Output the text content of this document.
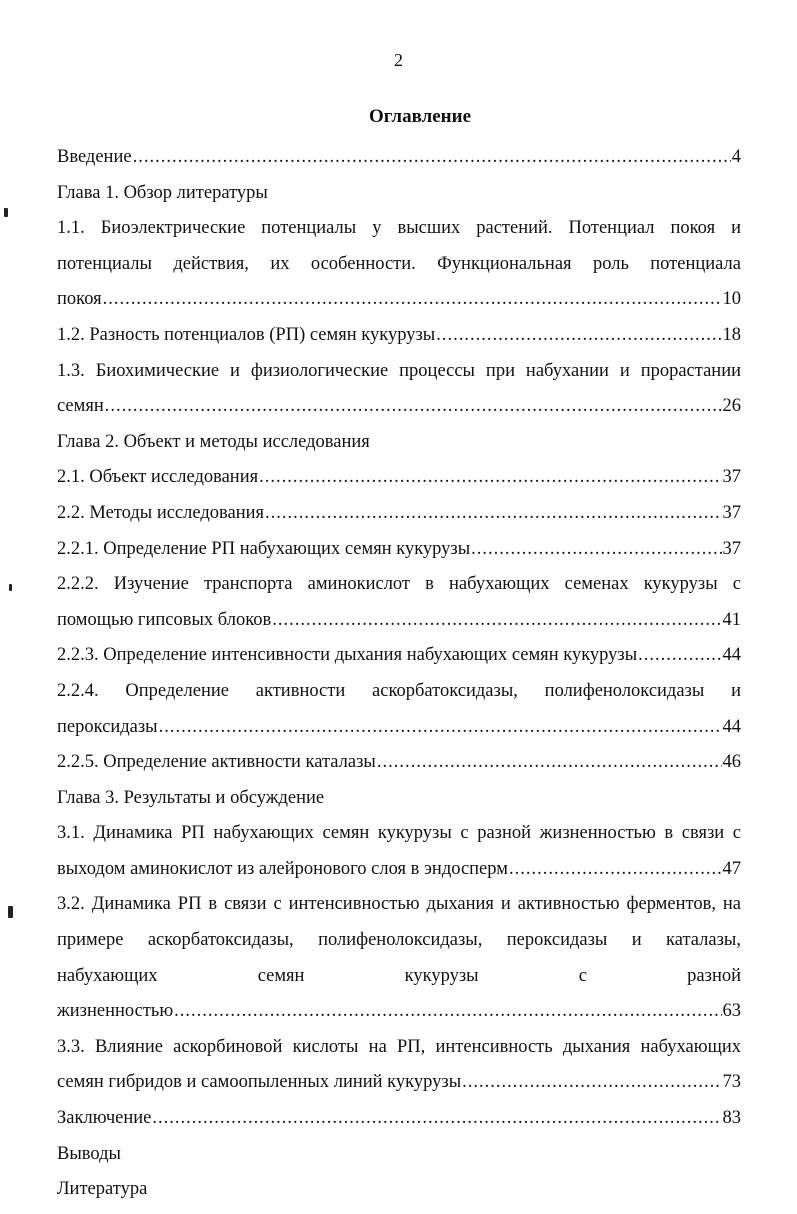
2
Оглавление
Введение .....	4
Глава 1. Обзор литературы
1.1. Биоэлектрические потенциалы у высших растений. Потенциал покоя и
потенциалы действия, их особенности. Функциональная роль потенциала
покоя .....	10
1.2. Разность потенциалов (РП) семян кукурузы .....	18
1.3. Биохимические и физиологические процессы при набухании и прорастании
семян .....	26
Глава 2. Объект и методы исследования
2.1. Объект исследования .....	37
2.2. Методы исследования .....	37
2.2.1. Определение РП набухающих семян кукурузы .....	37
2.2.2. Изучение транспорта аминокислот в набухающих семенах кукурузы с
помощью гипсовых блоков .....	41
2.2.3. Определение интенсивности дыхания набухающих семян кукурузы .....	44
2.2.4. Определение активности аскорбатоксидазы, полифенолоксидазы и
пероксидазы .....	44
2.2.5. Определение активности каталазы .....	46
Глава 3. Результаты и обсуждение
3.1. Динамика РП набухающих семян кукурузы с разной жизненностью в связи с
выходом аминокислот из алейронового слоя в эндосперм .....	47
3.2. Динамика РП в связи с интенсивностью дыхания и активностью ферментов, на
примере аскорбатоксидазы, полифенолоксидазы, пероксидазы и каталазы,
набухающих семян кукурузы с разной
жизненностью .....	63
3.3. Влияние аскорбиновой кислоты на РП, интенсивность дыхания набухающих
семян гибридов и самоопыленных линий кукурузы .....	73
Заключение .....	83
Выводы
Литература
